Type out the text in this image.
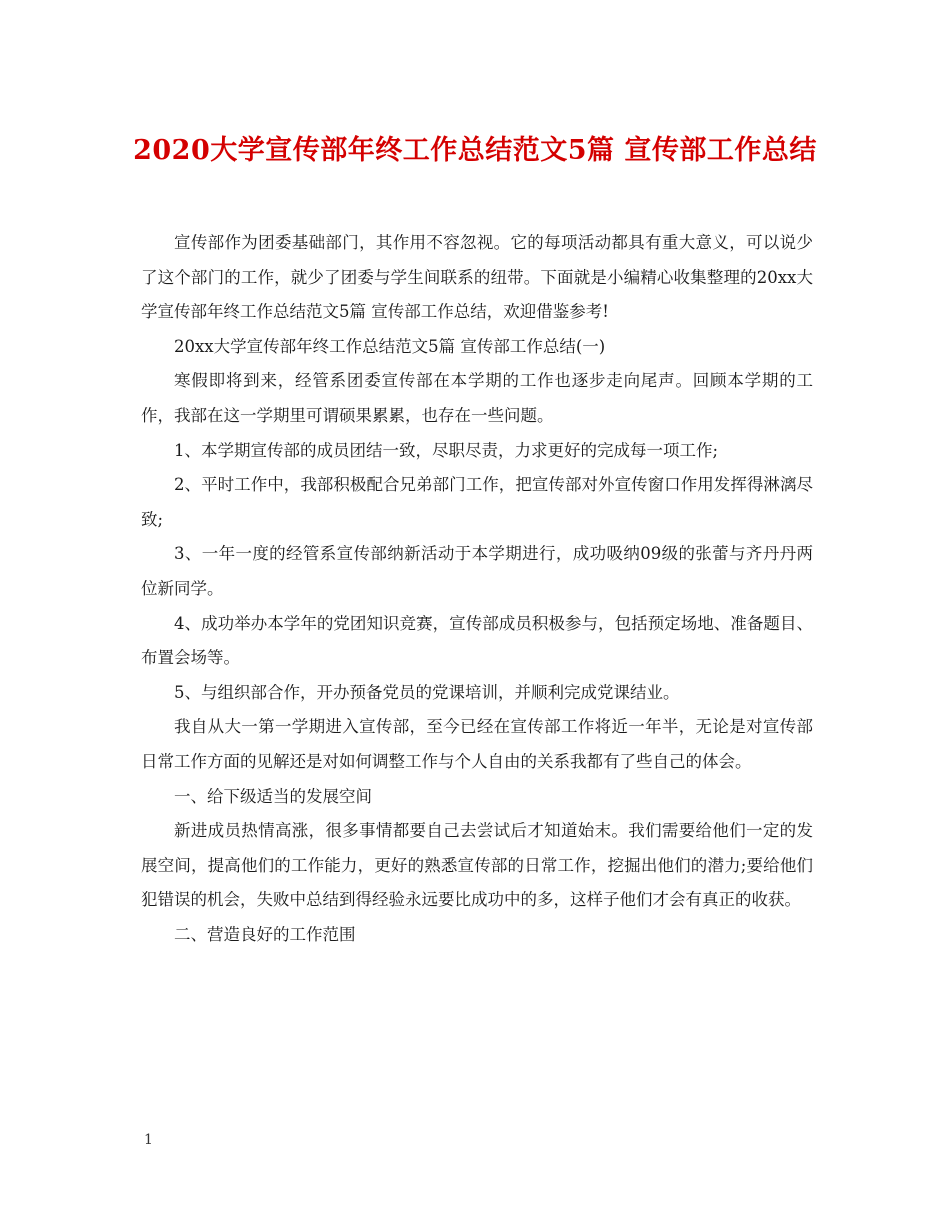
2020大学宣传部年终工作总结范文5篇 宣传部工作总结

宣传部作为团委基础部门，其作用不容忽视。它的每项活动都具有重大意义，可以说少了这个部门的工作，就少了团委与学生间联系的纽带。下面就是小编精心收集整理的20xx大学宣传部年终工作总结范文5篇 宣传部工作总结，欢迎借鉴参考!

20xx大学宣传部年终工作总结范文5篇 宣传部工作总结(一)

寒假即将到来，经管系团委宣传部在本学期的工作也逐步走向尾声。回顾本学期的工作，我部在这一学期里可谓硕果累累，也存在一些问题。

1、本学期宣传部的成员团结一致，尽职尽责，力求更好的完成每一项工作;

2、平时工作中，我部积极配合兄弟部门工作，把宣传部对外宣传窗口作用发挥得淋漓尽致;

3、一年一度的经管系宣传部纳新活动于本学期进行，成功吸纳09级的张蕾与齐丹丹两位新同学。

4、成功举办本学年的党团知识竞赛，宣传部成员积极参与，包括预定场地、准备题目、布置会场等。

5、与组织部合作，开办预备党员的党课培训，并顺利完成党课结业。

我自从大一第一学期进入宣传部，至今已经在宣传部工作将近一年半，无论是对宣传部日常工作方面的见解还是对如何调整工作与个人自由的关系我都有了些自己的体会。

一、给下级适当的发展空间

新进成员热情高涨，很多事情都要自己去尝试后才知道始末。我们需要给他们一定的发展空间，提高他们的工作能力，更好的熟悉宣传部的日常工作，挖掘出他们的潜力;要给他们犯错误的机会，失败中总结到得经验永远要比成功中的多，这样子他们才会有真正的收获。

二、营造良好的工作范围

1
